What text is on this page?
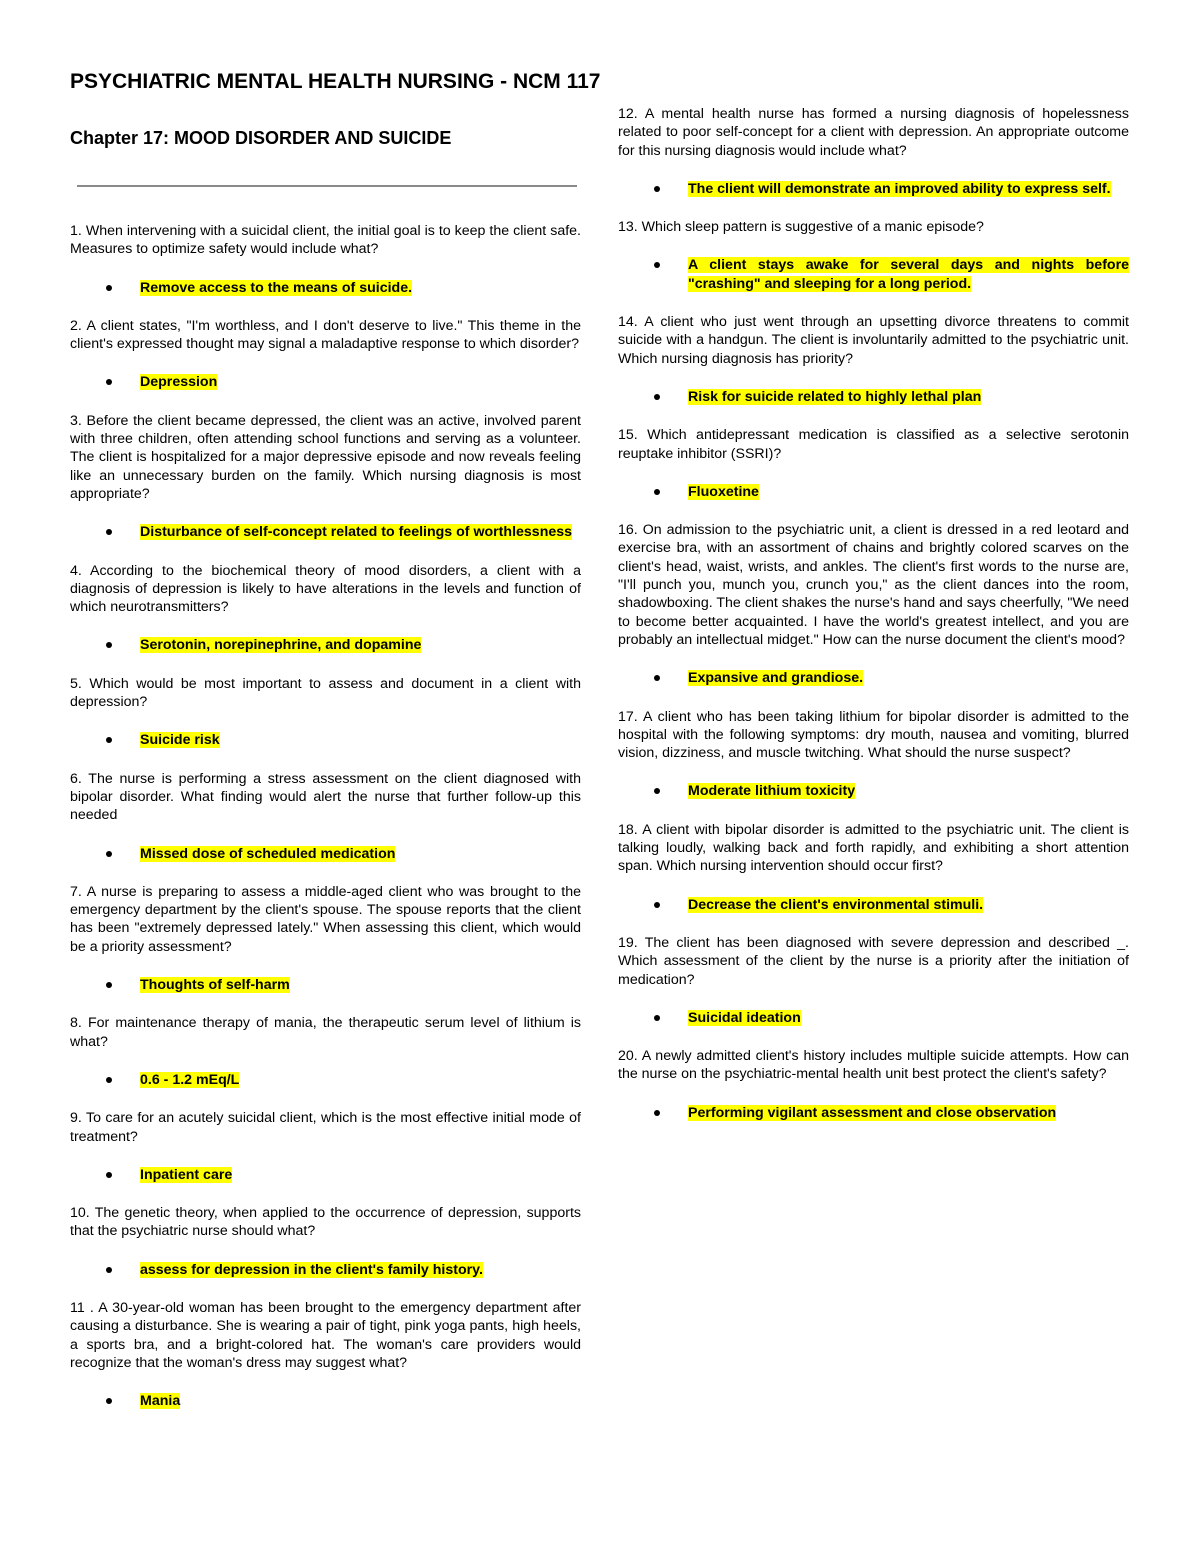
PSYCHIATRIC MENTAL HEALTH NURSING - NCM 117
Chapter 17: MOOD DISORDER AND SUICIDE

1. When intervening with a suicidal client, the initial goal is to keep the client safe. Measures to optimize safety would include what?

Remove access to the means of suicide.

2. A client states, "I'm worthless, and I don't deserve to live." This theme in the client's expressed thought may signal a maladaptive response to which disorder?

Depression

3. Before the client became depressed, the client was an active, involved parent with three children, often attending school functions and serving as a volunteer. The client is hospitalized for a major depressive episode and now reveals feeling like an unnecessary burden on the family. Which nursing diagnosis is most appropriate?

Disturbance of self-concept related to feelings of worthlessness

4. According to the biochemical theory of mood disorders, a client with a diagnosis of depression is likely to have alterations in the levels and function of which neurotransmitters?

Serotonin, norepinephrine, and dopamine

5. Which would be most important to assess and document in a client with depression?

Suicide risk

6. The nurse is performing a stress assessment on the client diagnosed with bipolar disorder. What finding would alert the nurse that further follow-up this needed

Missed dose of scheduled medication

7. A nurse is preparing to assess a middle-aged client who was brought to the emergency department by the client's spouse. The spouse reports that the client has been "extremely depressed lately." When assessing this client, which would be a priority assessment?

Thoughts of self-harm

8. For maintenance therapy of mania, the therapeutic serum level of lithium is what?

0.6 - 1.2 mEq/L

9. To care for an acutely suicidal client, which is the most effective initial mode of treatment?

Inpatient care

10. The genetic theory, when applied to the occurrence of depression, supports that the psychiatric nurse should what?

assess for depression in the client's family history.

11 . A 30-year-old woman has been brought to the emergency department after causing a disturbance. She is wearing a pair of tight, pink yoga pants, high heels, a sports bra, and a bright-colored hat. The woman's care providers would recognize that the woman's dress may suggest what?

Mania

12. A mental health nurse has formed a nursing diagnosis of hopelessness related to poor self-concept for a client with depression. An appropriate outcome for this nursing diagnosis would include what?

The client will demonstrate an improved ability to express self.

13. Which sleep pattern is suggestive of a manic episode?

A client stays awake for several days and nights before "crashing" and sleeping for a long period.

14. A client who just went through an upsetting divorce threatens to commit suicide with a handgun. The client is involuntarily admitted to the psychiatric unit. Which nursing diagnosis has priority?

Risk for suicide related to highly lethal plan

15. Which antidepressant medication is classified as a selective serotonin reuptake inhibitor (SSRI)?

Fluoxetine

16. On admission to the psychiatric unit, a client is dressed in a red leotard and exercise bra, with an assortment of chains and brightly colored scarves on the client's head, waist, wrists, and ankles. The client's first words to the nurse are, "I'll punch you, munch you, crunch you," as the client dances into the room, shadowboxing. The client shakes the nurse's hand and says cheerfully, "We need to become better acquainted. I have the world's greatest intellect, and you are probably an intellectual midget." How can the nurse document the client's mood?

Expansive and grandiose.

17. A client who has been taking lithium for bipolar disorder is admitted to the hospital with the following symptoms: dry mouth, nausea and vomiting, blurred vision, dizziness, and muscle twitching. What should the nurse suspect?

Moderate lithium toxicity

18. A client with bipolar disorder is admitted to the psychiatric unit. The client is talking loudly, walking back and forth rapidly, and exhibiting a short attention span. Which nursing intervention should occur first?

Decrease the client's environmental stimuli.

19. The client has been diagnosed with severe depression and described _. Which assessment of the client by the nurse is a priority after the initiation of medication?

Suicidal ideation

20. A newly admitted client's history includes multiple suicide attempts. How can the nurse on the psychiatric-mental health unit best protect the client's safety?

Performing vigilant assessment and close observation
